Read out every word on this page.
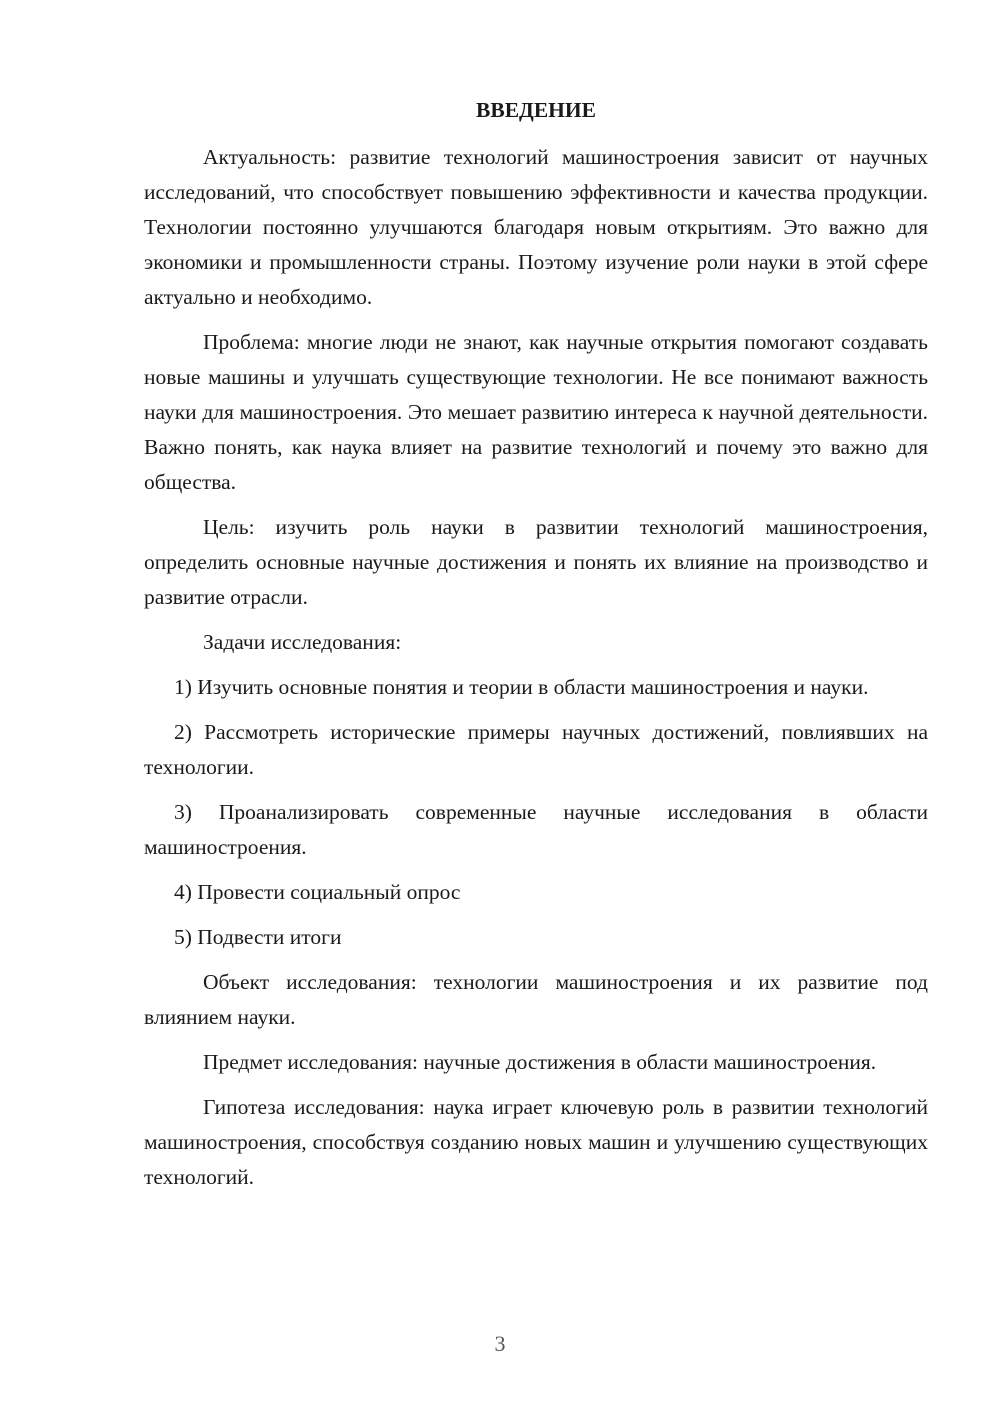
ВВЕДЕНИЕ

Актуальность: развитие технологий машиностроения зависит от научных исследований, что способствует повышению эффективности и качества продукции. Технологии постоянно улучшаются благодаря новым открытиям. Это важно для экономики и промышленности страны. Поэтому изучение роли науки в этой сфере актуально и необходимо.

Проблема: многие люди не знают, как научные открытия помогают создавать новые машины и улучшать существующие технологии. Не все понимают важность науки для машиностроения. Это мешает развитию интереса к научной деятельности. Важно понять, как наука влияет на развитие технологий и почему это важно для общества.

Цель: изучить роль науки в развитии технологий машиностроения, определить основные научные достижения и понять их влияние на производство и развитие отрасли.

Задачи исследования:

1) Изучить основные понятия и теории в области машиностроения и науки.

2) Рассмотреть исторические примеры научных достижений, повлиявших на технологии.

3) Проанализировать современные научные исследования в области машиностроения.

4) Провести социальный опрос

5) Подвести итоги

Объект исследования: технологии машиностроения и их развитие под влиянием науки.

Предмет исследования: научные достижения в области машиностроения.

Гипотеза исследования: наука играет ключевую роль в развитии технологий машиностроения, способствуя созданию новых машин и улучшению существующих технологий.

3
